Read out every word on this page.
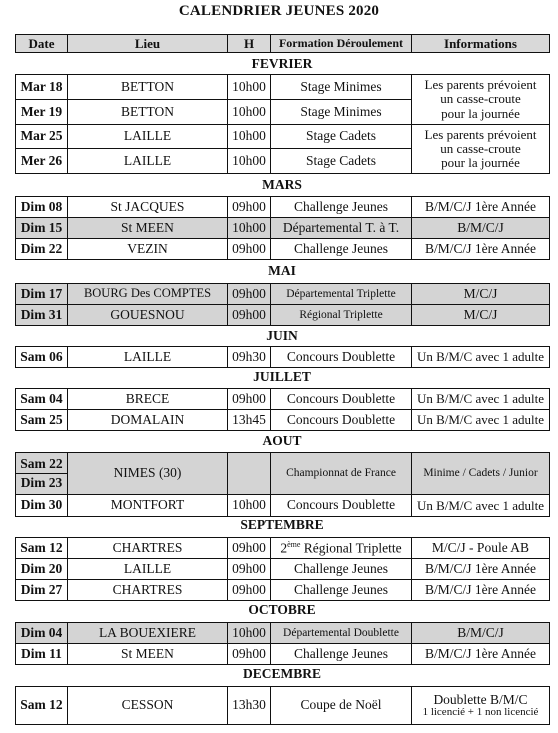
CALENDRIER JEUNES 2020
Date	Lieu	H	Formation Déroulement	Informations
FEVRIER
Mar 18	BETTON	10h00	Stage Minimes	Les parents prévoient
un casse-croute
pour la journée

Mer 19	BETTON	10h00	Stage Minimes	
Mar 25	LAILLE	10h00	Stage Cadets	Les parents prévoient
un casse-croute
pour la journée

Mer 26	LAILLE	10h00	Stage Cadets	
MARS
Dim 08	St JACQUES	09h00	Challenge Jeunes	B/M/C/J 1ère Année
Dim 15	St MEEN	10h00	Départemental T. à T.	B/M/C/J
Dim 22	VEZIN	09h00	Challenge Jeunes	B/M/C/J 1ère Année
MAI
Dim 17	BOURG Des COMPTES	09h00	Départemental Triplette	M/C/J
Dim 31	GOUESNOU	09h00	Régional Triplette	M/C/J
JUIN
Sam 06	LAILLE	09h30	Concours Doublette	Un B/M/C avec 1 adulte
JUILLET
Sam 04	BRECE	09h00	Concours Doublette	Un B/M/C avec 1 adulte
Sam 25	DOMALAIN	13h45	Concours Doublette	Un B/M/C avec 1 adulte
AOUT
Sam 22
Dim 23	NIMES (30)		Championnat de France	Minime / Cadets / Junior
Dim 30	MONTFORT	10h00	Concours Doublette	Un B/M/C avec 1 adulte
SEPTEMBRE
Sam 12	CHARTRES	09h00	2ème Régional Triplette	M/C/J - Poule AB
Dim 20	LAILLE	09h00	Challenge Jeunes	B/M/C/J 1ère Année
Dim 27	CHARTRES	09h00	Challenge Jeunes	B/M/C/J 1ère Année
OCTOBRE
Dim 04	LA BOUEXIERE	10h00	Départemental Doublette	B/M/C/J
Dim 11	St MEEN	09h00	Challenge Jeunes	B/M/C/J 1ère Année
DECEMBRE
Sam 12	CESSON	13h30	Coupe de Noël	Doublette B/M/C
1 licencié + 1 non licencié
